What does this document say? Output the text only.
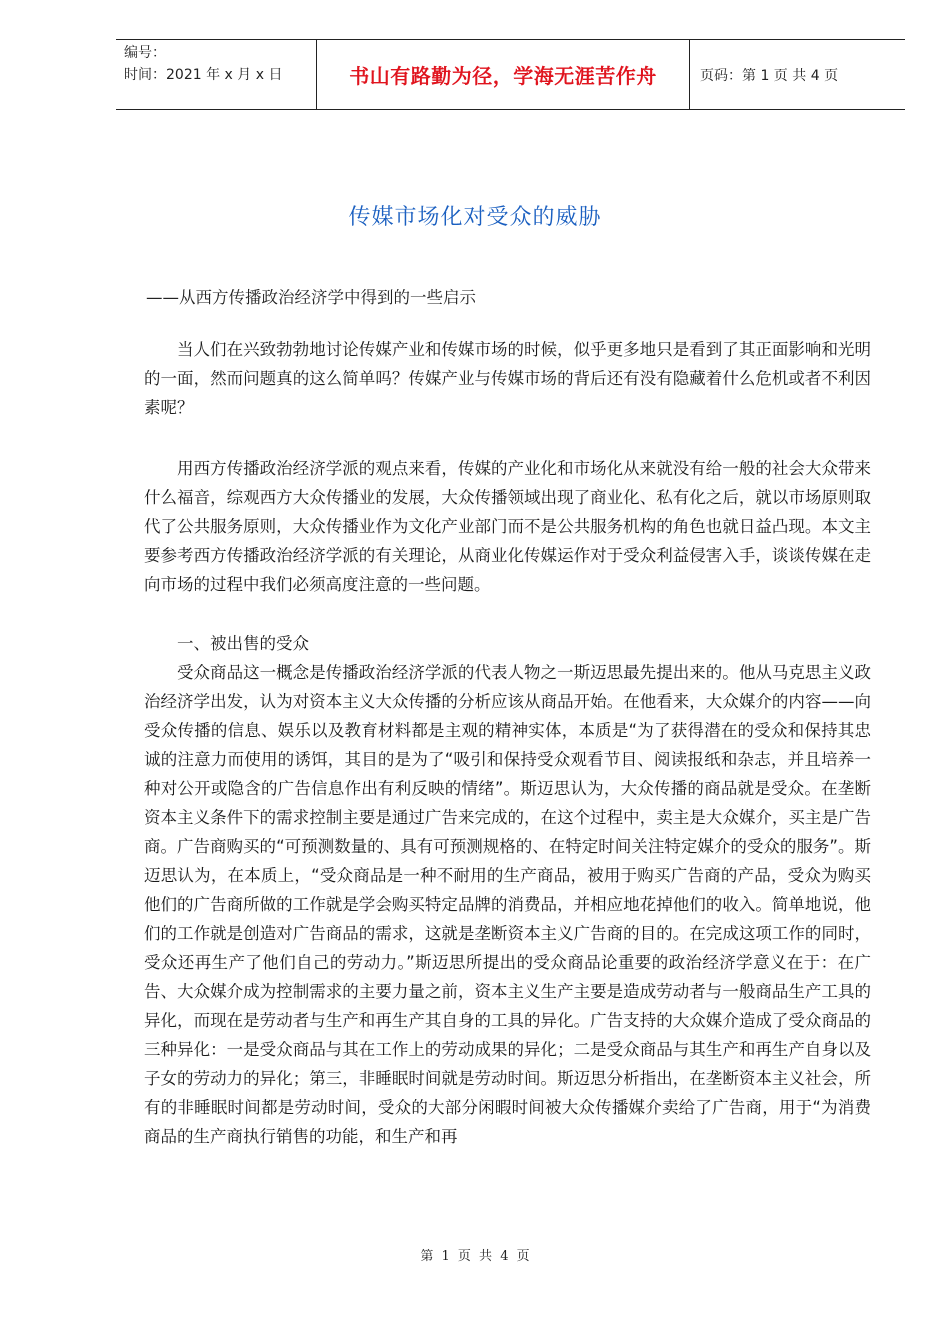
编号：
时间：2021 年 x 月 x 日	书山有路勤为径，学海无涯苦作舟	页码：第 1 页 共 4 页
传媒市场化对受众的威胁
——从西方传播政治经济学中得到的一些启示

当人们在兴致勃勃地讨论传媒产业和传媒市场的时候，似乎更多地只是看到了其正面影响和光明的一面，然而问题真的这么简单吗？传媒产业与传媒市场的背后还有没有隐藏着什么危机或者不利因素呢？

用西方传播政治经济学派的观点来看，传媒的产业化和市场化从来就没有给一般的社会大众带来什么福音，综观西方大众传播业的发展，大众传播领域出现了商业化、私有化之后，就以市场原则取代了公共服务原则，大众传播业作为文化产业部门而不是公共服务机构的角色也就日益凸现。本文主要参考西方传播政治经济学派的有关理论，从商业化传媒运作对于受众利益侵害入手，谈谈传媒在走向市场的过程中我们必须高度注意的一些问题。

一、被出售的受众

受众商品这一概念是传播政治经济学派的代表人物之一斯迈思最先提出来的。他从马克思主义政治经济学出发，认为对资本主义大众传播的分析应该从商品开始。在他看来，大众媒介的内容——向受众传播的信息、娱乐以及教育材料都是主观的精神实体，本质是“为了获得潜在的受众和保持其忠诚的注意力而使用的诱饵，其目的是为了“吸引和保持受众观看节目、阅读报纸和杂志，并且培养一种对公开或隐含的广告信息作出有利反映的情绪”。斯迈思认为，大众传播的商品就是受众。在垄断资本主义条件下的需求控制主要是通过广告来完成的，在这个过程中，卖主是大众媒介，买主是广告商。广告商购买的“可预测数量的、具有可预测规格的、在特定时间关注特定媒介的受众的服务”。斯迈思认为，在本质上，“受众商品是一种不耐用的生产商品，被用于购买广告商的产品，受众为购买他们的广告商所做的工作就是学会购买特定品牌的消费品，并相应地花掉他们的收入。简单地说，他们的工作就是创造对广告商品的需求，这就是垄断资本主义广告商的目的。在完成这项工作的同时，受众还再生产了他们自己的劳动力。”斯迈思所提出的受众商品论重要的政治经济学意义在于：在广告、大众媒介成为控制需求的主要力量之前，资本主义生产主要是造成劳动者与一般商品生产工具的异化，而现在是劳动者与生产和再生产其自身的工具的异化。广告支持的大众媒介造成了受众商品的三种异化：一是受众商品与其在工作上的劳动成果的异化；二是受众商品与其生产和再生产自身以及子女的劳动力的异化；第三，非睡眠时间就是劳动时间。斯迈思分析指出，在垄断资本主义社会，所有的非睡眠时间都是劳动时间，受众的大部分闲暇时间被大众传播媒介卖给了广告商，用于“为消费商品的生产商执行销售的功能，和生产和再

第 1 页 共 4 页
